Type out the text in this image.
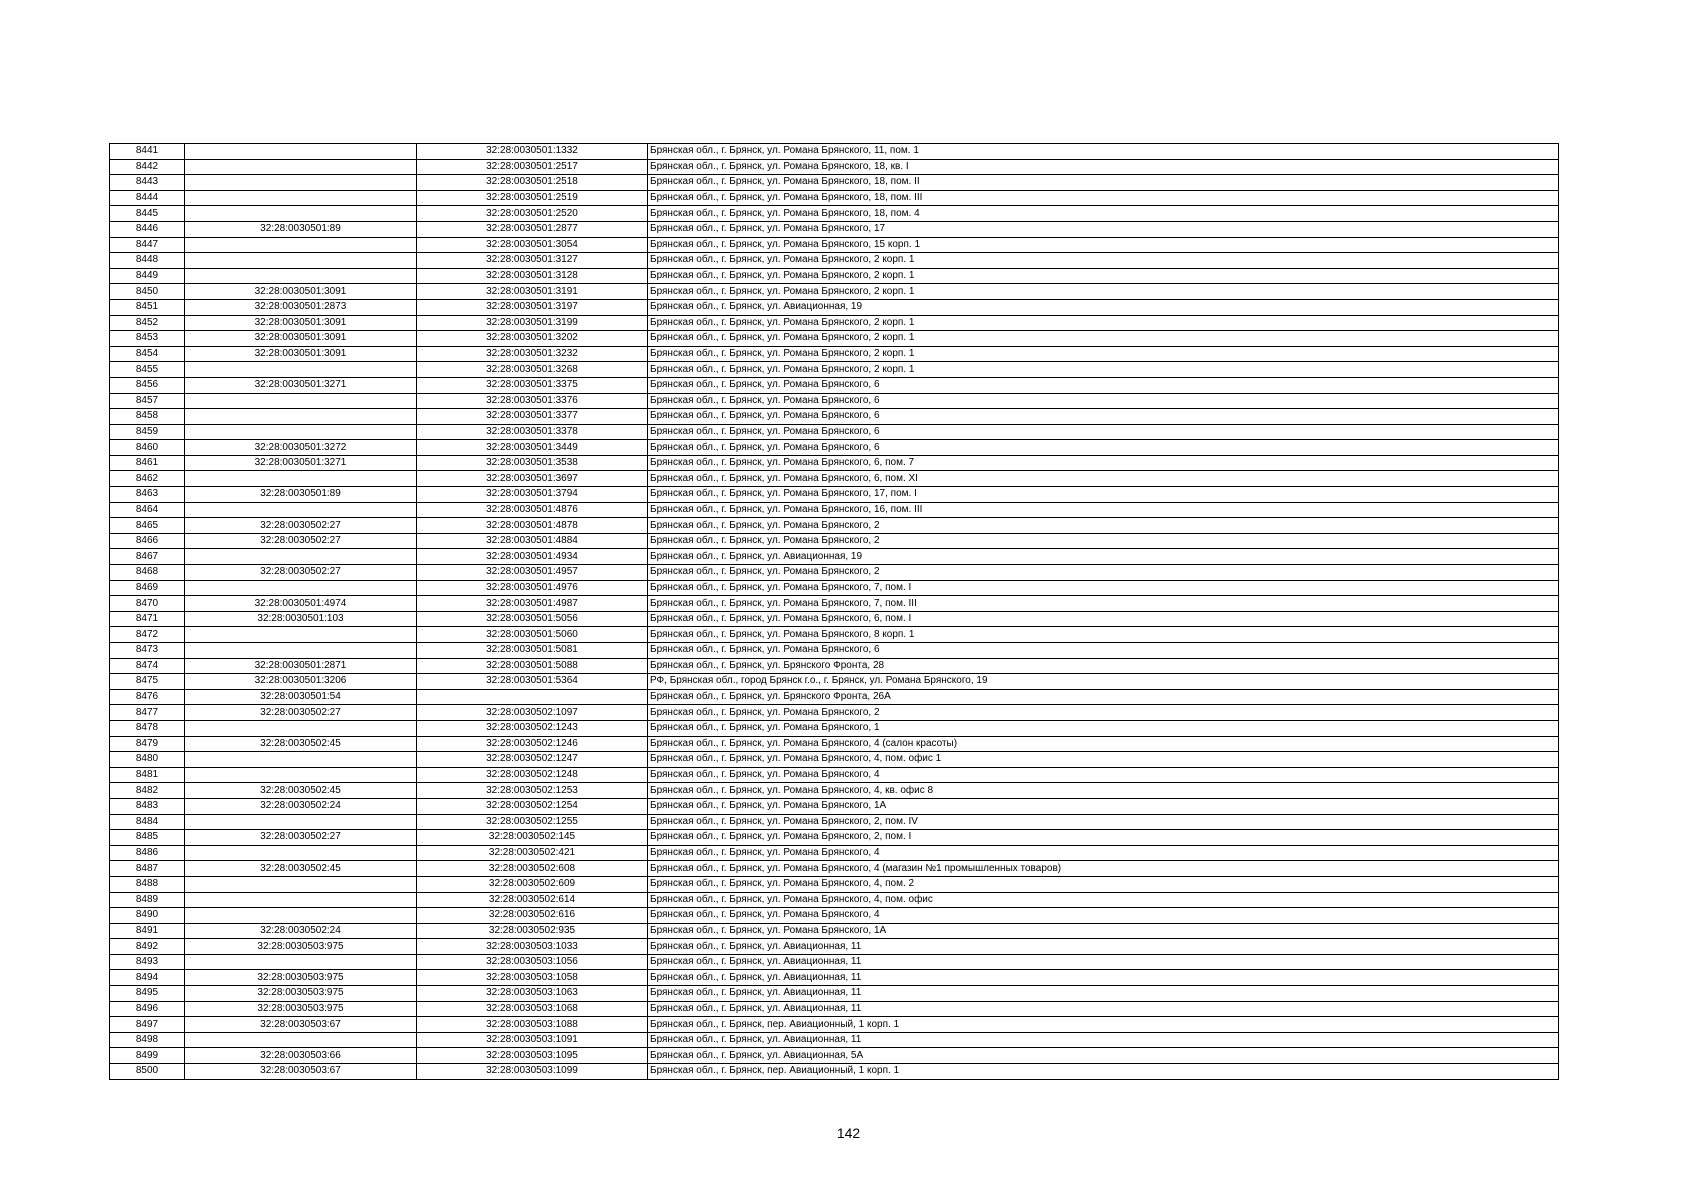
8441		32:28:0030501:1332	Брянская обл., г. Брянск, ул. Романа Брянского, 11, пом. 1
8442		32:28:0030501:2517	Брянская обл., г. Брянск, ул. Романа Брянского, 18, кв. I
8443		32:28:0030501:2518	Брянская обл., г. Брянск, ул. Романа Брянского, 18, пом. II
8444		32:28:0030501:2519	Брянская обл., г. Брянск, ул. Романа Брянского, 18, пом. III
8445		32:28:0030501:2520	Брянская обл., г. Брянск, ул. Романа Брянского, 18, пом. 4
8446	32:28:0030501:89	32:28:0030501:2877	Брянская обл., г. Брянск, ул. Романа Брянского, 17
8447		32:28:0030501:3054	Брянская обл., г. Брянск, ул. Романа Брянского, 15 корп. 1
8448		32:28:0030501:3127	Брянская обл., г. Брянск, ул. Романа Брянского, 2 корп. 1
8449		32:28:0030501:3128	Брянская обл., г. Брянск, ул. Романа Брянского, 2 корп. 1
8450	32:28:0030501:3091	32:28:0030501:3191	Брянская обл., г. Брянск, ул. Романа Брянского, 2 корп. 1
8451	32:28:0030501:2873	32:28:0030501:3197	Брянская обл., г. Брянск, ул. Авиационная, 19
8452	32:28:0030501:3091	32:28:0030501:3199	Брянская обл., г. Брянск, ул. Романа Брянского, 2 корп. 1
8453	32:28:0030501:3091	32:28:0030501:3202	Брянская обл., г. Брянск, ул. Романа Брянского, 2 корп. 1
8454	32:28:0030501:3091	32:28:0030501:3232	Брянская обл., г. Брянск, ул. Романа Брянского, 2 корп. 1
8455		32:28:0030501:3268	Брянская обл., г. Брянск, ул. Романа Брянского, 2 корп. 1
8456	32:28:0030501:3271	32:28:0030501:3375	Брянская обл., г. Брянск, ул. Романа Брянского, 6
8457		32:28:0030501:3376	Брянская обл., г. Брянск, ул. Романа Брянского, 6
8458		32:28:0030501:3377	Брянская обл., г. Брянск, ул. Романа Брянского, 6
8459		32:28:0030501:3378	Брянская обл., г. Брянск, ул. Романа Брянского, 6
8460	32:28:0030501:3272	32:28:0030501:3449	Брянская обл., г. Брянск, ул. Романа Брянского, 6
8461	32:28:0030501:3271	32:28:0030501:3538	Брянская обл., г. Брянск, ул. Романа Брянского, 6, пом. 7
8462		32:28:0030501:3697	Брянская обл., г. Брянск, ул. Романа Брянского, 6, пом. XI
8463	32:28:0030501:89	32:28:0030501:3794	Брянская обл., г. Брянск, ул. Романа Брянского, 17, пом. I
8464		32:28:0030501:4876	Брянская обл., г. Брянск, ул. Романа Брянского, 16, пом. III
8465	32:28:0030502:27	32:28:0030501:4878	Брянская обл., г. Брянск, ул. Романа Брянского, 2
8466	32:28:0030502:27	32:28:0030501:4884	Брянская обл., г. Брянск, ул. Романа Брянского, 2
8467		32:28:0030501:4934	Брянская обл., г. Брянск, ул. Авиационная, 19
8468	32:28:0030502:27	32:28:0030501:4957	Брянская обл., г. Брянск, ул. Романа Брянского, 2
8469		32:28:0030501:4976	Брянская обл., г. Брянск, ул. Романа Брянского, 7, пом. I
8470	32:28:0030501:4974	32:28:0030501:4987	Брянская обл., г. Брянск, ул. Романа Брянского, 7, пом. III
8471	32:28:0030501:103	32:28:0030501:5056	Брянская обл., г. Брянск, ул. Романа Брянского, 6, пом. I
8472		32:28:0030501:5060	Брянская обл., г. Брянск, ул. Романа Брянского, 8 корп. 1
8473		32:28:0030501:5081	Брянская обл., г. Брянск, ул. Романа Брянского, 6
8474	32:28:0030501:2871	32:28:0030501:5088	Брянская обл., г. Брянск, ул. Брянского Фронта, 28
8475	32:28:0030501:3206	32:28:0030501:5364	РФ, Брянская обл., город Брянск г.о., г. Брянск, ул. Романа Брянского, 19
8476	32:28:0030501:54		Брянская обл., г. Брянск, ул. Брянского Фронта, 26А
8477	32:28:0030502:27	32:28:0030502:1097	Брянская обл., г. Брянск, ул. Романа Брянского, 2
8478		32:28:0030502:1243	Брянская обл., г. Брянск, ул. Романа Брянского, 1
8479	32:28:0030502:45	32:28:0030502:1246	Брянская обл., г. Брянск, ул. Романа Брянского, 4 (салон красоты)
8480		32:28:0030502:1247	Брянская обл., г. Брянск, ул. Романа Брянского, 4, пом. офис 1
8481		32:28:0030502:1248	Брянская обл., г. Брянск, ул. Романа Брянского, 4
8482	32:28:0030502:45	32:28:0030502:1253	Брянская обл., г. Брянск, ул. Романа Брянского, 4, кв. офис 8
8483	32:28:0030502:24	32:28:0030502:1254	Брянская обл., г. Брянск, ул. Романа Брянского, 1А
8484		32:28:0030502:1255	Брянская обл., г. Брянск, ул. Романа Брянского, 2, пом. IV
8485	32:28:0030502:27	32:28:0030502:145	Брянская обл., г. Брянск, ул. Романа Брянского, 2, пом. I
8486		32:28:0030502:421	Брянская обл., г. Брянск, ул. Романа Брянского, 4
8487	32:28:0030502:45	32:28:0030502:608	Брянская обл., г. Брянск, ул. Романа Брянского, 4 (магазин №1 промышленных товаров)
8488		32:28:0030502:609	Брянская обл., г. Брянск, ул. Романа Брянского, 4, пом. 2
8489		32:28:0030502:614	Брянская обл., г. Брянск, ул. Романа Брянского, 4, пом. офис
8490		32:28:0030502:616	Брянская обл., г. Брянск, ул. Романа Брянского, 4
8491	32:28:0030502:24	32:28:0030502:935	Брянская обл., г. Брянск, ул. Романа Брянского, 1А
8492	32:28:0030503:975	32:28:0030503:1033	Брянская обл., г. Брянск, ул. Авиационная, 11
8493		32:28:0030503:1056	Брянская обл., г. Брянск, ул. Авиационная, 11
8494	32:28:0030503:975	32:28:0030503:1058	Брянская обл., г. Брянск, ул. Авиационная, 11
8495	32:28:0030503:975	32:28:0030503:1063	Брянская обл., г. Брянск, ул. Авиационная, 11
8496	32:28:0030503:975	32:28:0030503:1068	Брянская обл., г. Брянск, ул. Авиационная, 11
8497	32:28:0030503:67	32:28:0030503:1088	Брянская обл., г. Брянск, пер. Авиационный, 1 корп. 1
8498		32:28:0030503:1091	Брянская обл., г. Брянск, ул. Авиационная, 11
8499	32:28:0030503:66	32:28:0030503:1095	Брянская обл., г. Брянск, ул. Авиационная, 5А
8500	32:28:0030503:67	32:28:0030503:1099	Брянская обл., г. Брянск, пер. Авиационный, 1 корп. 1
142
